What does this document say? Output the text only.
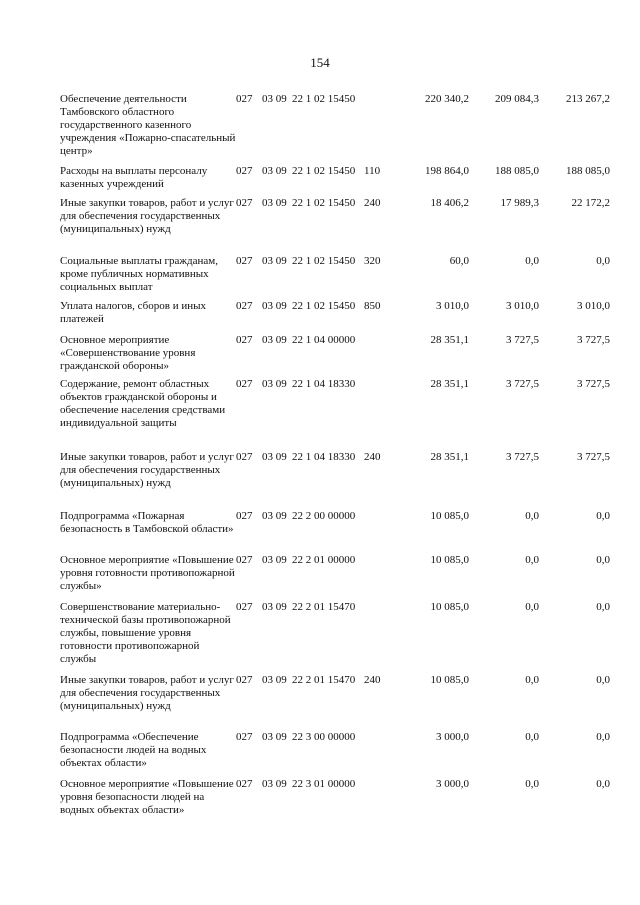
154
Обеспечение деятельности Тамбовского областного государственного казенного учреждения «Пожарно-спасательный центр»
027 03 09 22 1 02 15450	220 340,2 209 084,3 213 267,2
Расходы на выплаты персоналу казенных учреждений
027 03 09 22 1 02 15450 110	198 864,0 188 085,0 188 085,0
Иные закупки товаров, работ и услуг для обеспечения государственных (муниципальных) нужд
027 03 09 22 1 02 15450 240	18 406,2	17 989,3	22 172,2
Социальные выплаты гражданам, кроме публичных нормативных социальных выплат
027 03 09 22 1 02 15450 320	60,0	0,0	0,0
Уплата налогов, сборов и иных платежей
027 03 09 22 1 02 15450 850	3 010,0	3 010,0	3 010,0
Основное мероприятие «Совершенствование уровня гражданской обороны»
027 03 09 22 1 04 00000	28 351,1	3 727,5	3 727,5
Содержание, ремонт областных объектов гражданской обороны и обеспечение населения средствами индивидуальной защиты
027 03 09 22 1 04 18330	28 351,1	3 727,5	3 727,5
Иные закупки товаров, работ и услуг для обеспечения государственных (муниципальных) нужд
027 03 09 22 1 04 18330 240	28 351,1	3 727,5	3 727,5
Подпрограмма «Пожарная безопасность в Тамбовской области»
027 03 09 22 2 00 00000	10 085,0	0,0	0,0
Основное мероприятие «Повышение уровня готовности противопожарной службы»
027 03 09 22 2 01 00000	10 085,0	0,0	0,0
Совершенствование материально-технической базы противопожарной службы, повышение уровня готовности противопожарной службы
027 03 09 22 2 01 15470	10 085,0	0,0	0,0
Иные закупки товаров, работ и услуг для обеспечения государственных (муниципальных) нужд
027 03 09 22 2 01 15470 240	10 085,0	0,0	0,0
Подпрограмма «Обеспечение безопасности людей на водных объектах области»
027 03 09 22 3 00 00000	3 000,0	0,0	0,0
Основное мероприятие «Повышение уровня безопасности людей на водных объектах области»
027 03 09 22 3 01 00000	3 000,0	0,0	0,0
